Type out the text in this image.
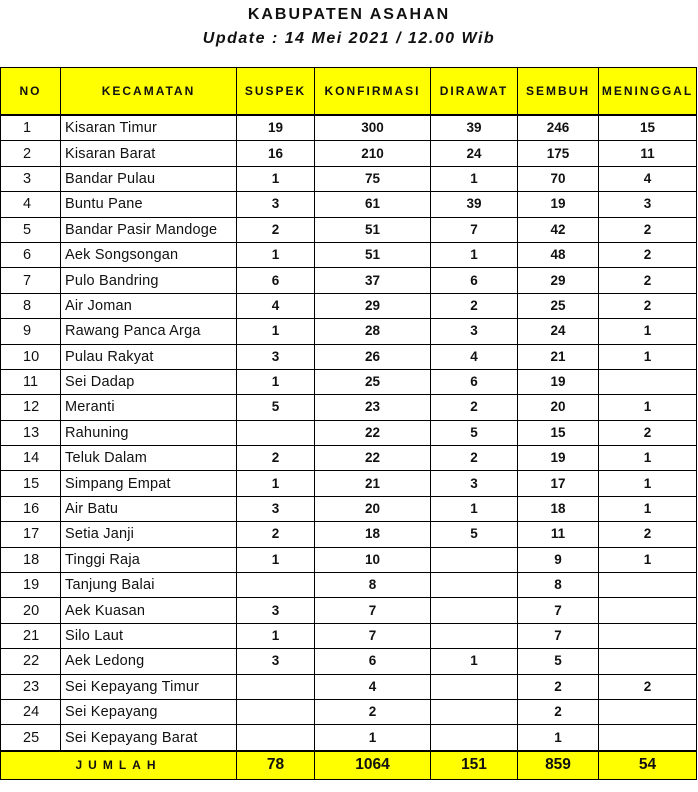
KABUPATEN ASAHAN
Update : 14 Mei 2021 / 12.00 Wib
NO	KECAMATAN	SUSPEK	KONFIRMASI	DIRAWAT	SEMBUH	MENINGGAL
1	Kisaran Timur	19	300	39	246	15
2	Kisaran Barat	16	210	24	175	11
3	Bandar Pulau	1	75	1	70	4
4	Buntu Pane	3	61	39	19	3
5	Bandar Pasir Mandoge	2	51	7	42	2
6	Aek Songsongan	1	51	1	48	2
7	Pulo Bandring	6	37	6	29	2
8	Air Joman	4	29	2	25	2
9	Rawang Panca Arga	1	28	3	24	1
10	Pulau Rakyat	3	26	4	21	1
11	Sei Dadap	1	25	6	19	
12	Meranti	5	23	2	20	1
13	Rahuning		22	5	15	2
14	Teluk Dalam	2	22	2	19	1
15	Simpang Empat	1	21	3	17	1
16	Air Batu	3	20	1	18	1
17	Setia Janji	2	18	5	11	2
18	Tinggi Raja	1	10		9	1
19	Tanjung Balai		8		8	
20	Aek Kuasan	3	7		7	
21	Silo Laut	1	7		7	
22	Aek Ledong	3	6	1	5	
23	Sei Kepayang Timur		4		2	2
24	Sei Kepayang		2		2	
25	Sei Kepayang Barat		1		1	
JUMLAH		78	1064	151	859	54
